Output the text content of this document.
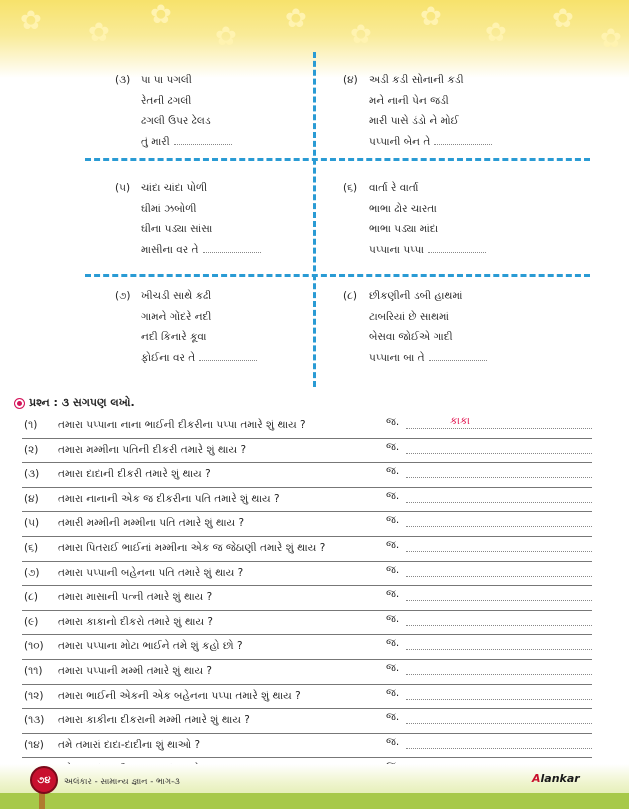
✿ ✿
✿
✿
✿
✿
✿
✿ ✿
✿
(૩) પા પા પગલી
રેતની ઢગલી
ઢગલી ઉપર ઢેલડ
તું મારી
(૪) અડી કડી સોનાની કડી
મને નાની પેન જડી
મારી પાસે ડંડો ને મોઈ
પપ્પાની બેન તે
(૫) ચાંદા ચાંદા પોળી
ઘીમાં ઝબોળી
ઘીના પડ્યા સાંસા
માસીના વર તે
(૬) વાર્તા રે વાર્તા
ભાભા ઢોર ચારતા
ભાભા પડ્યા માંદા
પપ્પાના પપ્પા
(૭) ખીચડી સાથે કઢી
ગામને ગોંદરે નદી
નદી કિનારે કૂવા
ફોઈના વર તે
(૮) છીકણીની ડબી હાથમાં
ટાબરિયાં છે સાથમાં
બેસવા જોઈએ ગાદી
પપ્પાના બા તે
પ્રશ્ન : ૩ સગપણ લખો.
(૧) તમારા પપ્પાના નાના ભાઈની દીકરીના પપ્પા તમારે શું થાય ?	જ.	કાકા
(૨) તમારા મમ્મીના પતિની દીકરી તમારે શું થાય ?	જ.
(૩) તમારા દાદાની દીકરી તમારે શું થાય ?	જ.
(૪) તમારા નાનાની એક જ દીકરીના પતિ તમારે શું થાય ?	જ.
(૫) તમારી મમ્મીની મમ્મીના પતિ તમારે શું થાય ?	જ.
(૬) તમારા પિતરાઈ ભાઈનાં મમ્મીના એક જ જેઠાણી તમારે શું થાય ?	જ.
(૭) તમારા પપ્પાની બહેનના પતિ તમારે શું થાય ?	જ.
(૮) તમારા માસાની પત્ની તમારે શું થાય ?	જ.
(૯) તમારા કાકાનો દીકરો તમારે શું થાય ?	જ.
(૧૦) તમારા પપ્પાના મોટા ભાઈને તમે શું કહો છો ?	જ.
(૧૧) તમારા પપ્પાની મમ્મી તમારે શું થાય ?	જ.
(૧૨) તમારા ભાઈની એકની એક બહેનના પપ્પા તમારે શું થાય ?	જ.
(૧૩) તમારા કાકીના દીકરાની મમ્મી તમારે શું થાય ?	જ.
(૧૪) તમે તમારાં દાદા-દાદીના શું થાઓ ?	જ.
૭૪	અલંકાર - સામાન્ય જ્ઞાન - ભાગ-૩	Alankar
